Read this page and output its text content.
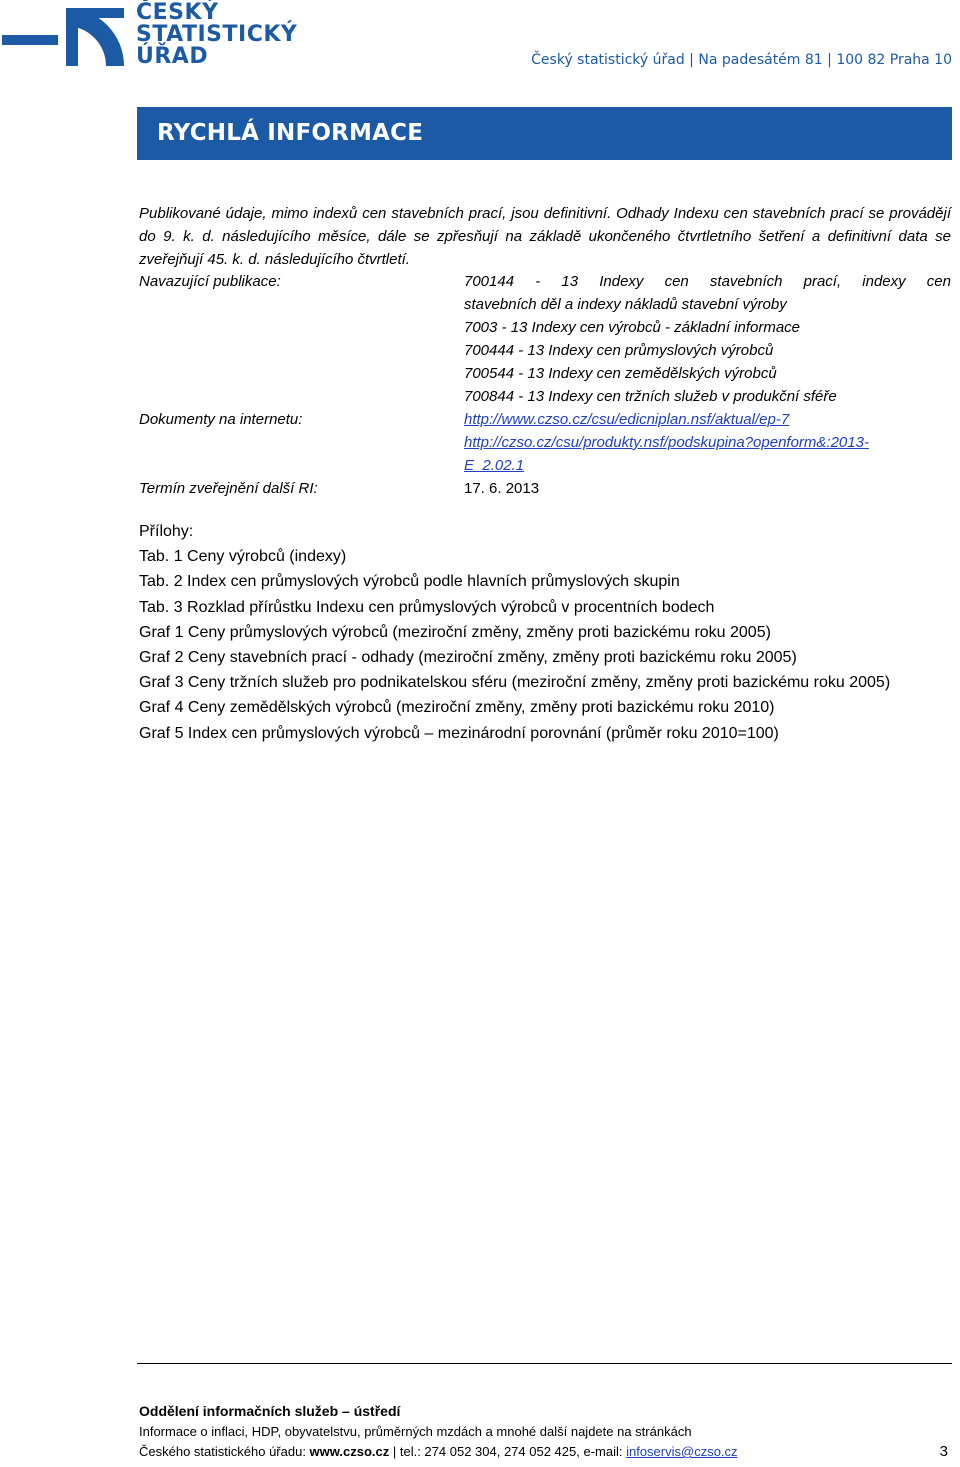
ČESKÝ
STATISTICKÝ
ÚŘAD	Český statistický úřad | Na padesátém 81 | 100 82 Praha 10
RYCHLÁ INFORMACE
Publikované údaje, mimo indexů cen stavebních prací, jsou definitivní. Odhady Indexu cen stavebních prací se provádějí do 9. k. d. následujícího měsíce, dále se zpřesňují na základě ukončeného čtvrtletního šetření a definitivní data se zveřejňují 45. k. d. následujícího čtvrtletí.
Navazující publikace:	700144 - 13 Indexy cen stavebních prací, indexy cen
stavebních děl a indexy nákladů stavební výroby
7003 - 13 Indexy cen výrobců - základní informace
700444 - 13 Indexy cen průmyslových výrobců
700544 - 13 Indexy cen zemědělských výrobců
700844 - 13 Indexy cen tržních služeb v produkční sféře
Dokumenty na internetu:	http://www.czso.cz/csu/edicniplan.nsf/aktual/ep-7
http://czso.cz/csu/produkty.nsf/podskupina?openform&:2013-
E_2.02.1
Termín zveřejnění další RI:	17. 6. 2013
Přílohy:
Tab. 1 Ceny výrobců (indexy)
Tab. 2 Index cen průmyslových výrobců podle hlavních průmyslových skupin
Tab. 3 Rozklad přírůstku Indexu cen průmyslových výrobců v procentních bodech
Graf 1 Ceny průmyslových výrobců (meziroční změny, změny proti bazickému roku 2005)
Graf 2 Ceny stavebních prací - odhady (meziroční změny, změny proti bazickému roku 2005)
Graf 3 Ceny tržních služeb pro podnikatelskou sféru (meziroční změny, změny proti bazickému roku 2005)
Graf 4 Ceny zemědělských výrobců (meziroční změny, změny proti bazickému roku 2010)
Graf 5 Index cen průmyslových výrobců – mezinárodní porovnání (průměr roku 2010=100)
Oddělení informačních služeb – ústředí
Informace o inflaci, HDP, obyvatelstvu, průměrných mzdách a mnohé další najdete na stránkách
Českého statistického úřadu: www.czso.cz | tel.: 274 052 304, 274 052 425, e-mail: infoservis@czso.cz	3
